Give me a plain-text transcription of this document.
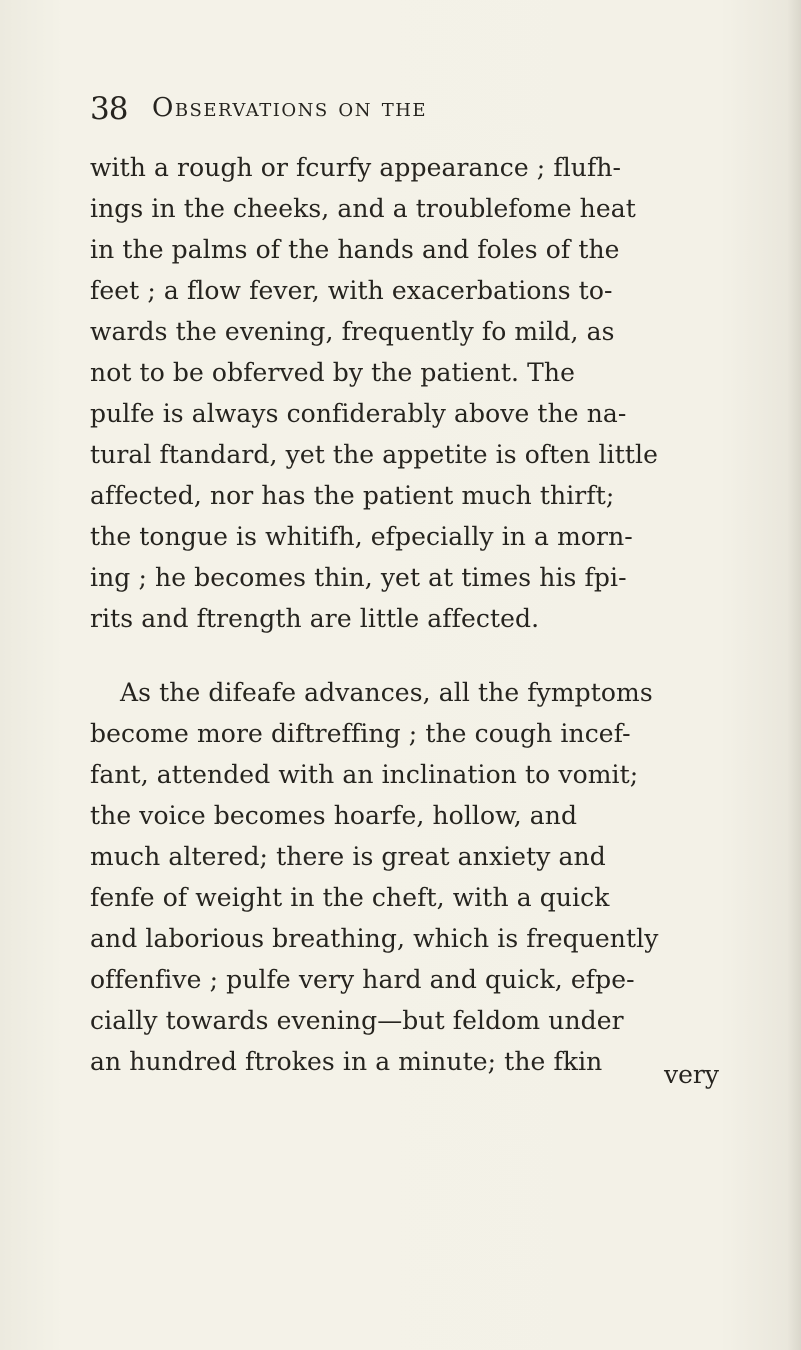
38 Observations on the
with a rough or fcurfy appearance ; flufh-
ings in the cheeks, and a troublefome heat
in the palms of the hands and foles of the
feet ; a flow fever, with exacerbations to-
wards the evening, frequently fo mild, as
not to be obferved by the patient. The
pulfe is always confiderably above the na-
tural ftandard, yet the appetite is often little
affected, nor has the patient much thirft;
the tongue is whitifh, efpecially in a morn-
ing ; he becomes thin, yet at times his fpi-
rits and ftrength are little affected.
As the difeafe advances, all the fymptoms
become more diftreffing ; the cough incef-
fant, attended with an inclination to vomit;
the voice becomes hoarfe, hollow, and
much altered; there is great anxiety and
fenfe of weight in the cheft, with a quick
and laborious breathing, which is frequently
offenfive ; pulfe very hard and quick, efpe-
cially towards evening—but feldom under
an hundred ftrokes in a minute; the fkin	very
